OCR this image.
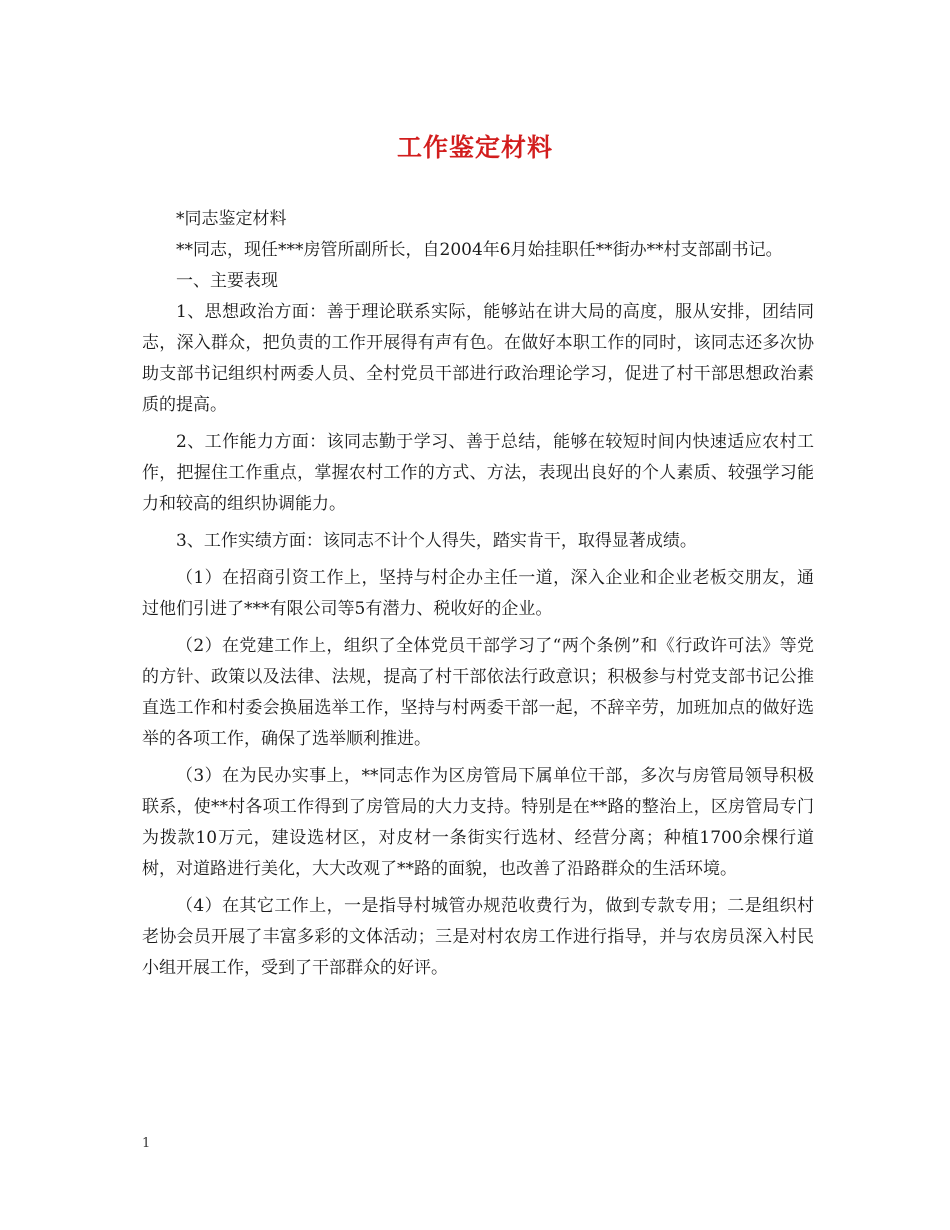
工作鉴定材料

*同志鉴定材料

**同志，现任***房管所副所长，自2004年6月始挂职任**街办**村支部副书记。

一、主要表现

1、思想政治方面：善于理论联系实际，能够站在讲大局的高度，服从安排，团结同志，深入群众，把负责的工作开展得有声有色。在做好本职工作的同时，该同志还多次协助支部书记组织村两委人员、全村党员干部进行政治理论学习，促进了村干部思想政治素质的提高。

2、工作能力方面：该同志勤于学习、善于总结，能够在较短时间内快速适应农村工作，把握住工作重点，掌握农村工作的方式、方法，表现出良好的个人素质、较强学习能力和较高的组织协调能力。

3、工作实绩方面：该同志不计个人得失，踏实肯干，取得显著成绩。

（1）在招商引资工作上，坚持与村企办主任一道，深入企业和企业老板交朋友，通过他们引进了***有限公司等5有潜力、税收好的企业。

（2）在党建工作上，组织了全体党员干部学习了“两个条例”和《行政许可法》等党的方针、政策以及法律、法规，提高了村干部依法行政意识；积极参与村党支部书记公推直选工作和村委会换届选举工作，坚持与村两委干部一起，不辞辛劳，加班加点的做好选举的各项工作，确保了选举顺利推进。

（3）在为民办实事上，**同志作为区房管局下属单位干部，多次与房管局领导积极联系，使**村各项工作得到了房管局的大力支持。特别是在**路的整治上，区房管局专门为拨款10万元，建设选材区，对皮材一条街实行选材、经营分离；种植1700余棵行道树，对道路进行美化，大大改观了**路的面貌，也改善了沿路群众的生活环境。

（4）在其它工作上，一是指导村城管办规范收费行为，做到专款专用；二是组织村老协会员开展了丰富多彩的文体活动；三是对村农房工作进行指导，并与农房员深入村民小组开展工作，受到了干部群众的好评。

1
